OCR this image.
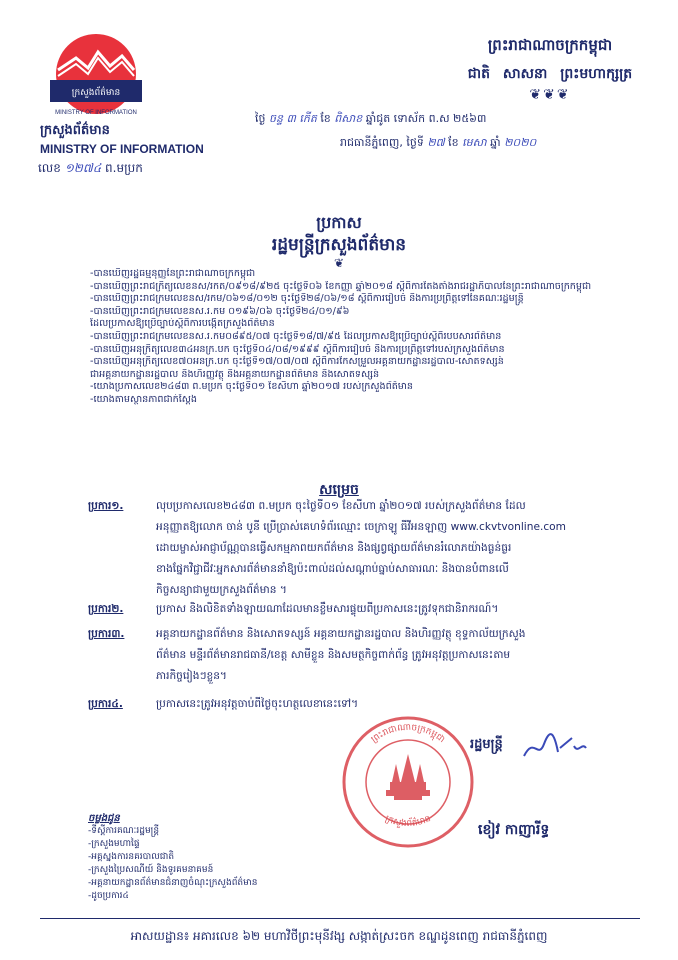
ក្រសួងព័ត៌មាន
MINISTRY OF INFORMATION
ក្រសួងព័ត៌មាន
MINISTRY OF INFORMATION
លេខ ១២៧៤ ព.មប្រក
ព្រះរាជាណាចក្រកម្ពុជា
ជាតិ សាសនា ព្រះមហាក្សត្រ
❦❦❦
ថ្ងៃ ចន្ទ ៣ កើត ខែ ពិសាខ ឆ្នាំជូត ទោស័ក ព.ស ២៥៦៣
រាជធានីភ្នំពេញ, ថ្ងៃទី ២៧ ខែ មេសា ឆ្នាំ ២០២០
ប្រកាស
រដ្ឋមន្ត្រីក្រសួងព័ត៌មាន
❦
-បានឃើញរដ្ឋធម្មនុញ្ញនៃព្រះរាជាណាចក្រកម្ពុជា
-បានឃើញព្រះរាជក្រឹត្យលេខនស/រកត/០៩១៨/៩២៥ ចុះថ្ងៃទី០៦ ខែកញ្ញា ឆ្នាំ២០១៨ ស្ដីពីការតែងតាំងរាជរដ្ឋាភិបាលនៃព្រះរាជាណាចក្រកម្ពុជា
-បានឃើញព្រះរាជក្រមលេខនស/រកម/០៦១៨/០១២ ចុះថ្ងៃទី២៨/០៦/១៨ ស្ដីពីការរៀបចំ និងការប្រព្រឹត្តទៅនៃគណៈរដ្ឋមន្ត្រី
-បានឃើញព្រះរាជក្រមលេខនស.រ.កម ០១៩៦/០៦ ចុះថ្ងៃទី២៤/០១/៩៦
ដែលប្រកាសឱ្យប្រើច្បាប់ស្ដីពីការបង្កើតក្រសួងព័ត៌មាន
-បានឃើញព្រះរាជក្រមលេខនស.រ.កម០៨៩៥/០៧ ចុះថ្ងៃទី១៨/៧/៩៥ ដែលប្រកាសឱ្យប្រើច្បាប់ស្ដីពីរបបសារព័ត៌មាន
-បានឃើញអនុក្រឹត្យលេខ៣៤អនក្រ.បក ចុះថ្ងៃទី០៤/០៨/១៩៩៩ ស្ដីពីការរៀបចំ និងការប្រព្រឹត្តទៅរបស់ក្រសួងព័ត៌មាន
-បានឃើញអនុក្រឹត្យលេខ៧០អនក្រ.បក ចុះថ្ងៃទី១៧/០៧/០៧ ស្ដីពីការកែសម្រួលអគ្គនាយកដ្ឋានរដ្ឋបាល-សោតទស្សន៍
ជាអគ្គនាយកដ្ឋានរដ្ឋបាល និងហិរញ្ញវត្ថុ និងអគ្គនាយកដ្ឋានព័ត៌មាន និងសោតទស្សន៍
-យោងប្រកាសលេខ២៤៨៣ ព.មប្រក ចុះថ្ងៃទី០១ ខែសីហា ឆ្នាំ២០១៧ របស់ក្រសួងព័ត៌មាន
-យោងតាមស្ថានភាពជាក់ស្ដែង
សម្រេច
ប្រការ១.	លុបប្រកាសលេខ២៤៨៣ ព.មប្រក ចុះថ្ងៃទី០១ ខែសីហា ឆ្នាំ២០១៧ របស់ក្រសួងព័ត៌មាន ដែល
អនុញ្ញាតឱ្យលោក ចាន់ បូនី ប្រើប្រាស់គេហទំព័រឈ្មោះ ចេក្រាឡូ ធីវីអនឡាញ www.ckvtvonline.com
ដោយម្ចាស់អាជ្ញាប័ណ្ណបានធ្វើសកម្មភាពយកព័ត៌មាន និងផ្សព្វផ្សាយព័ត៌មានរំលោភយ៉ាងធ្ងន់ធ្ងរ
ខាងផ្នែកវិជ្ជាជីវៈអ្នកសារព័ត៌មាននាំឱ្យប៉ះពាល់ដល់សណ្ដាប់ធ្នាប់សាធារណៈ និងបានបំពានលើ
កិច្ចសន្យាជាមួយក្រសួងព័ត៌មាន ។
ប្រការ២.	ប្រកាស និងលិខិតទាំងឡាយណាដែលមានខ្លឹមសារផ្ទុយពីប្រកាសនេះត្រូវទុកជានិរាករណ៍។
ប្រការ៣.	អគ្គនាយកដ្ឋានព័ត៌មាន និងសោតទស្សន៍ អគ្គនាយកដ្ឋានរដ្ឋបាល និងហិរញ្ញវត្ថុ ខុទ្ទកាល័យក្រសួង
ព័ត៌មាន មន្ទីរព័ត៌មានរាជធានី/ខេត្ត សាមីខ្លួន និងសមត្ថកិច្ចពាក់ព័ន្ធ ត្រូវអនុវត្តប្រកាសនេះតាម
ភារកិច្ចរៀងៗខ្លួន។
ប្រការ៤.	ប្រកាសនេះត្រូវអនុវត្តចាប់ពីថ្ងៃចុះហត្ថលេខានេះទៅ។
ព្រះរាជាណាចក្រកម្ពុជា
ក្រសួងព័ត៌មាន
រដ្ឋមន្ត្រី
ខៀវ កាញារីទ្ធ
ចម្លងជូន
-ទីស្ដីការគណៈរដ្ឋមន្ត្រី
-ក្រសួងមហាផ្ទៃ
-អគ្គស្នងការនគរបាលជាតិ
-ក្រសួងប្រៃសណីយ៍ និងទូរគមនាគមន៍
-អគ្គនាយកដ្ឋានព័ត៌មានជំនាញចំណុះក្រសួងព័ត៌មាន
-ដូចប្រការ៤
អាសយដ្ឋាន៖ អគារលេខ ៦២ មហាវិថីព្រះមុនីវង្ស សង្កាត់ស្រះចក ខណ្ឌដូនពេញ រាជធានីភ្នំពេញ
